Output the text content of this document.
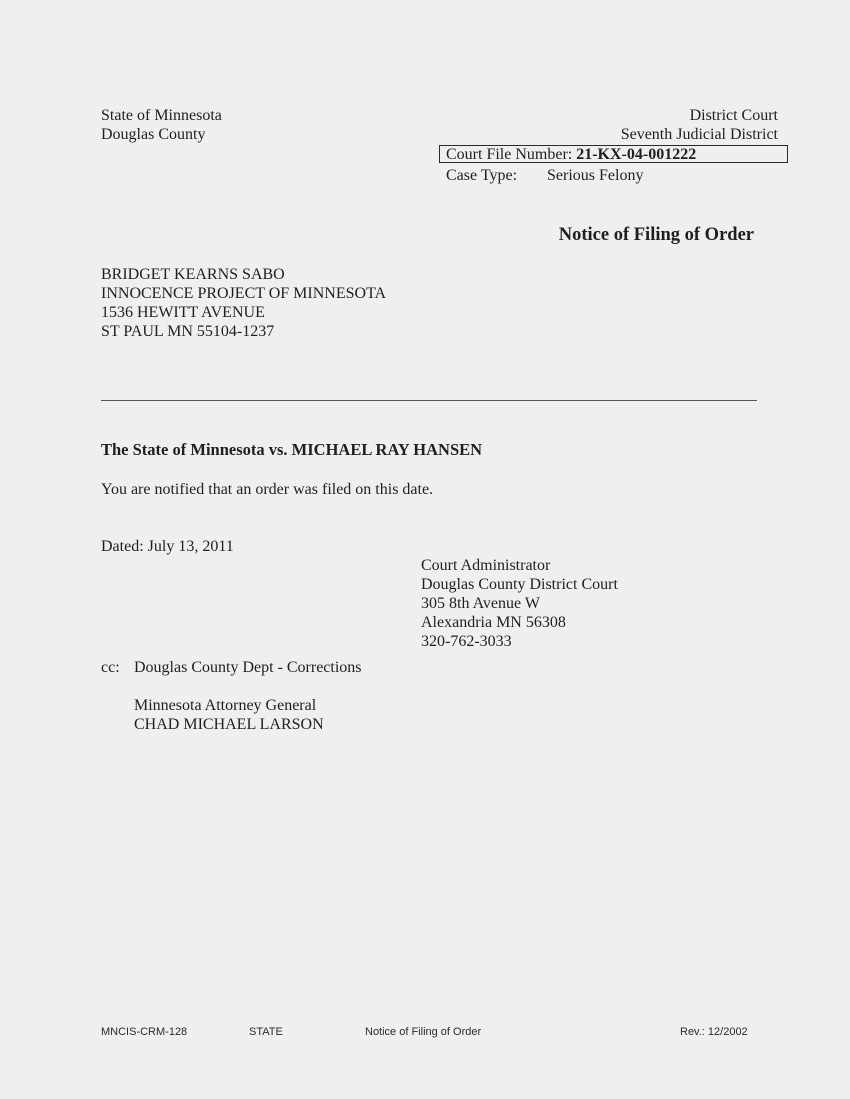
State of Minnesota
Douglas County
District Court
Seventh Judicial District
Court File Number: 21-KX-04-001222
Case Type: Serious Felony
Notice of Filing of Order
BRIDGET KEARNS SABO
INNOCENCE PROJECT OF MINNESOTA
1536 HEWITT AVENUE
ST PAUL MN 55104-1237
The State of Minnesota vs. MICHAEL RAY HANSEN
You are notified that an order was filed on this date.
Dated: July 13, 2011
Court Administrator
Douglas County District Court
305 8th Avenue W
Alexandria MN 56308
320-762-3033
cc: Douglas County Dept - Corrections
Minnesota Attorney General
CHAD MICHAEL LARSON
MNCIS-CRM-128	STATE	Notice of Filing of Order	Rev.: 12/2002
